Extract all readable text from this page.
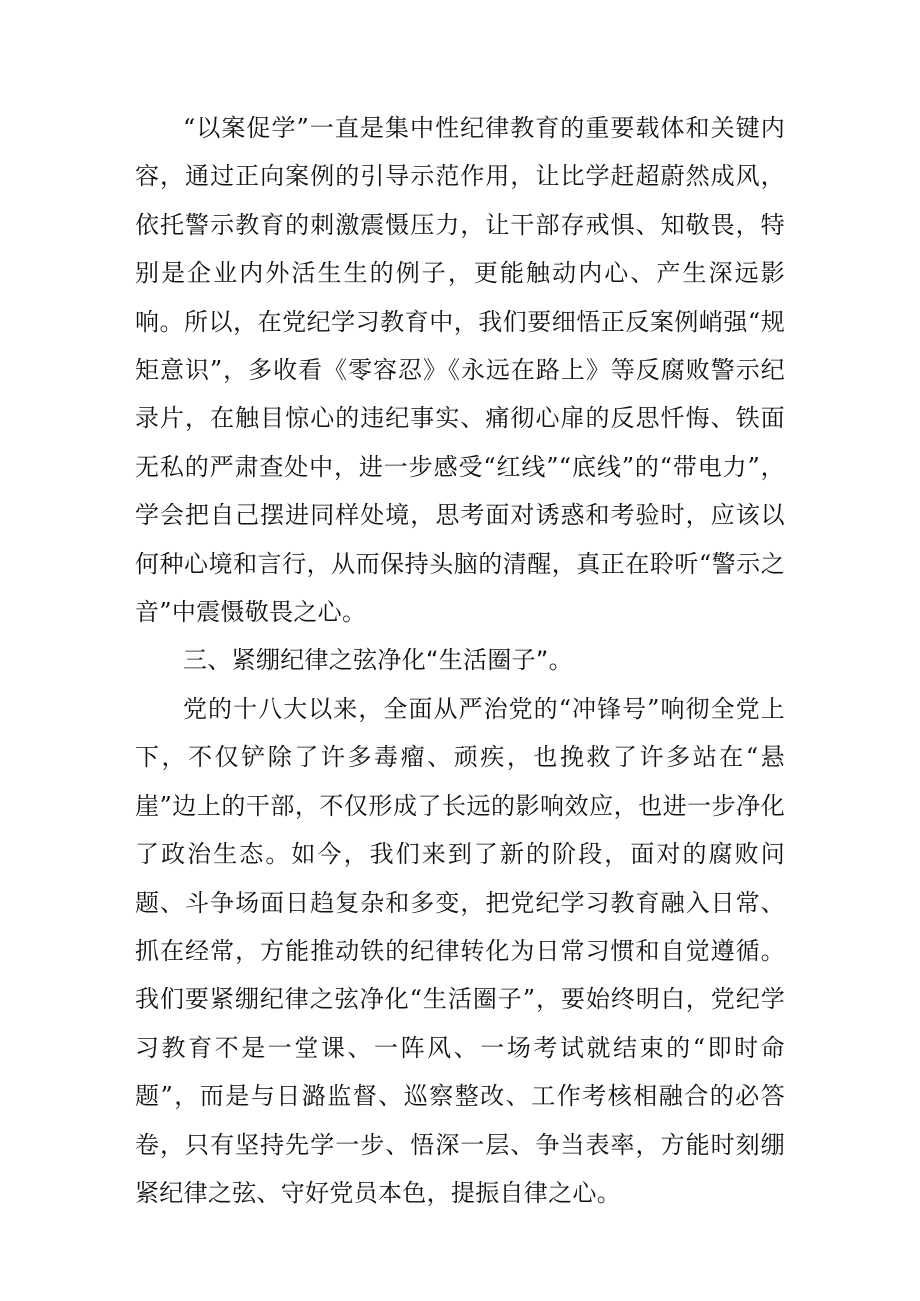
“以案促学”一直是集中性纪律教育的重要载体和关键内容，通过正向案例的引导示范作用，让比学赶超蔚然成风，依托警示教育的刺激震慑压力，让干部存戒惧、知敬畏，特别是企业内外活生生的例子，更能触动内心、产生深远影响。所以，在党纪学习教育中，我们要细悟正反案例峭强“规矩意识”，多收看《零容忍》《永远在路上》等反腐败警示纪录片，在触目惊心的违纪事实、痛彻心扉的反思忏悔、铁面无私的严肃查处中，进一步感受“红线”“底线”的“带电力”，学会把自己摆进同样处境，思考面对诱惑和考验时，应该以何种心境和言行，从而保持头脑的清醒，真正在聆听“警示之音”中震慑敬畏之心。

三、紧绷纪律之弦净化“生活圈子”。

党的十八大以来，全面从严治党的“冲锋号”响彻全党上下，不仅铲除了许多毒瘤、顽疾，也挽救了许多站在“悬崖”边上的干部，不仅形成了长远的影响效应，也进一步净化了政治生态。如今，我们来到了新的阶段，面对的腐败问题、斗争场面日趋复杂和多变，把党纪学习教育融入日常、抓在经常，方能推动铁的纪律转化为日常习惯和自觉遵循。我们要紧绷纪律之弦净化“生活圈子”，要始终明白，党纪学习教育不是一堂课、一阵风、一场考试就结束的“即时命题”，而是与日潞监督、巡察整改、工作考核相融合的必答卷，只有坚持先学一步、悟深一层、争当表率，方能时刻绷紧纪律之弦、守好党员本色，提振自律之心。
